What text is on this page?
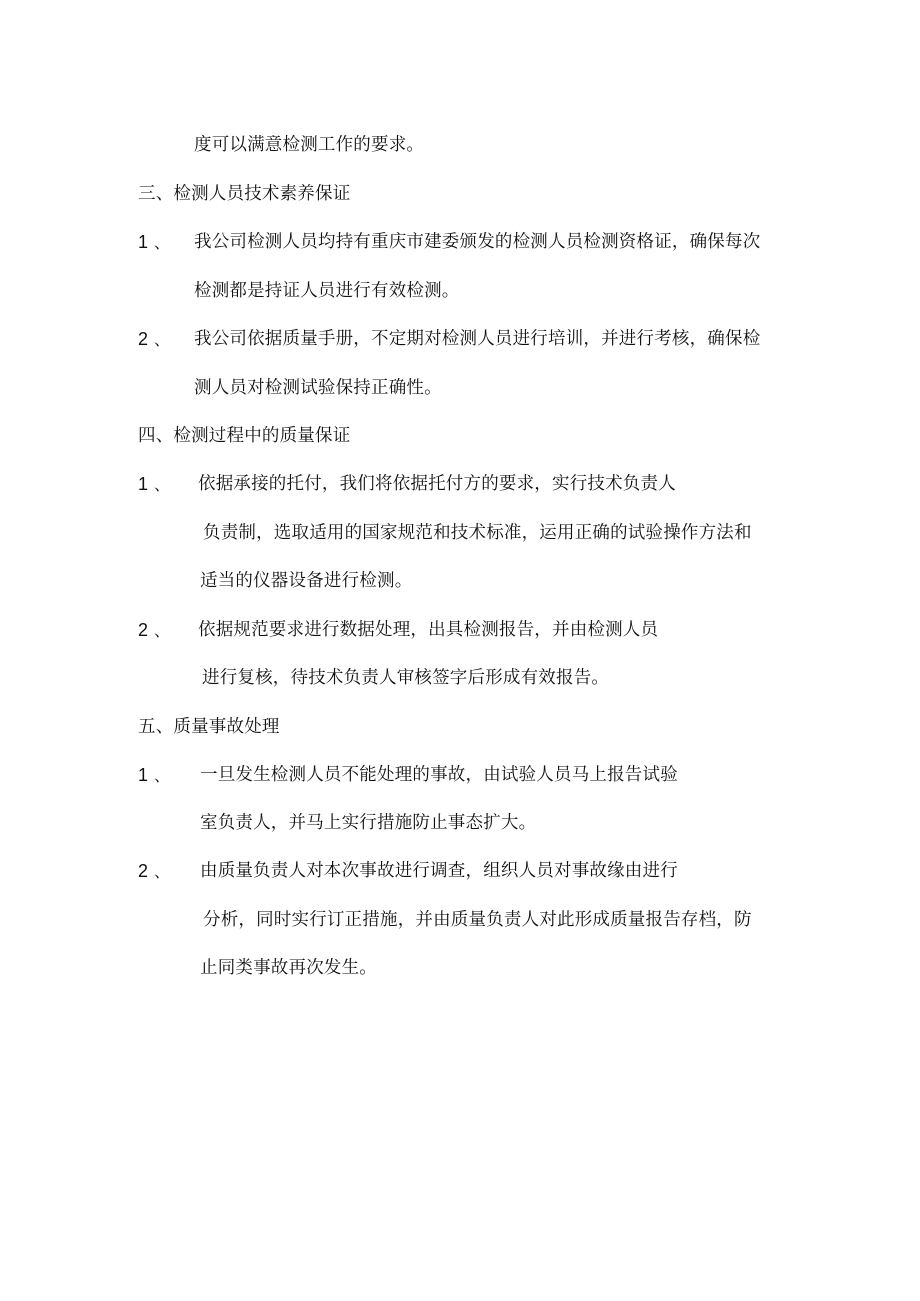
度可以满意检测工作的要求。
三、检测人员技术素养保证
1 、 我公司检测人员均持有重庆市建委颁发的检测人员检测资格证，确保每次
检测都是持证人员进行有效检测。
2 、 我公司依据质量手册，不定期对检测人员进行培训，并进行考核，确保检
测人员对检测试验保持正确性。
四、检测过程中的质量保证
1 、 依据承接的托付，我们将依据托付方的要求，实行技术负责人
负责制，选取适用的国家规范和技术标准，运用正确的试验操作方法和
适当的仪器设备进行检测。
2 、 依据规范要求进行数据处理，出具检测报告，并由检测人员
进行复核，待技术负责人审核签字后形成有效报告。
五、质量事故处理
1 、 一旦发生检测人员不能处理的事故，由试验人员马上报告试验
室负责人，并马上实行措施防止事态扩大。
2 、 由质量负责人对本次事故进行调查，组织人员对事故缘由进行
分析，同时实行订正措施，并由质量负责人对此形成质量报告存档，防
止同类事故再次发生。
